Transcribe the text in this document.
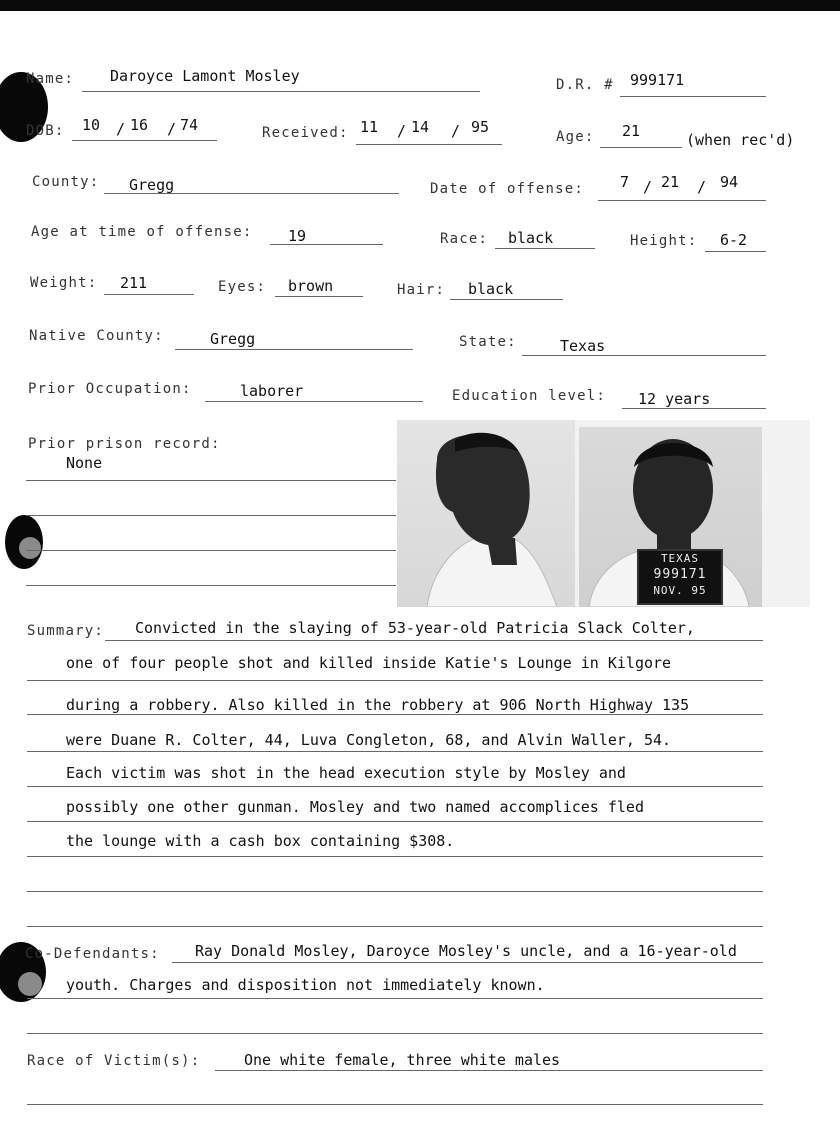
Name: Daroyce Lamont Mosley	D.R. # 999171
DOB: 10 / 16 / 74	Received: 11 / 14 / 95
Age: 21	(when rec'd)
County: Gregg	Date of offense: 7 / 21 / 94
Age at time of offense: 19	Race: black	Height: 6-2
Weight: 211	Eyes: brown	Hair: black
Native County:	Gregg	State:	Texas
Prior Occupation:	laborer	Education level: 12 years
Prior prison record:
None
TEXAS
999171
NOV. 95
Summary: Convicted in the slaying of 53-year-old Patricia Slack Colter,
one of four people shot and killed inside Katie's Lounge in Kilgore
during a robbery. Also killed in the robbery at 906 North Highway 135
were Duane R. Colter, 44, Luva Congleton, 68, and Alvin Waller, 54.
Each victim was shot in the head execution style by Mosley and
possibly one other gunman. Mosley and two named accomplices fled
the lounge with a cash box containing $308.
Co-Defendants: Ray Donald Mosley, Daroyce Mosley's uncle, and a 16-year-old
youth. Charges and disposition not immediately known.
Race of Victim(s):	One white female, three white males
